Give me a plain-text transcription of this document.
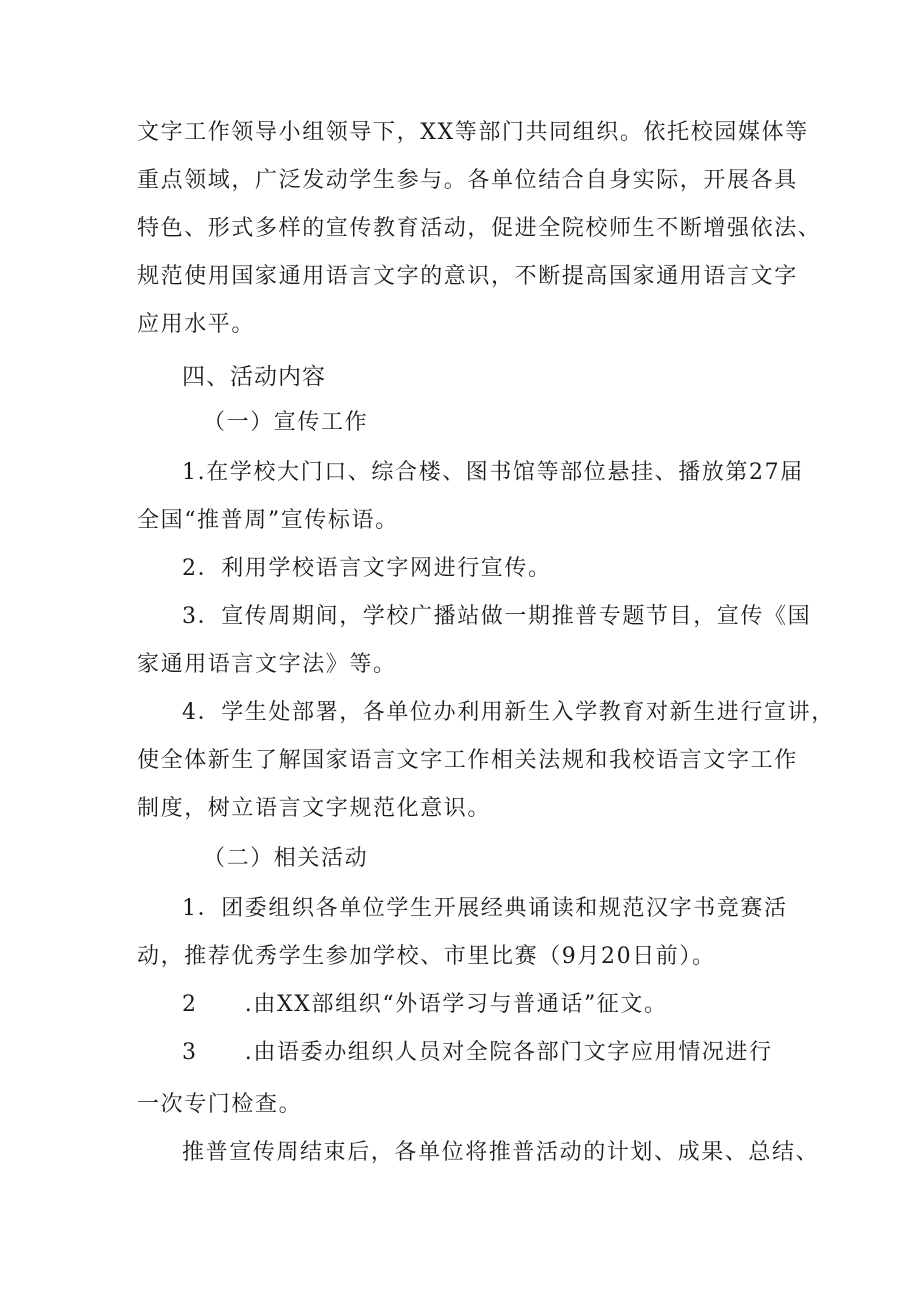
文字工作领导小组领导下，XX等部门共同组织。依托校园媒体等
重点领域，广泛发动学生参与。各单位结合自身实际，开展各具
特色、形式多样的宣传教育活动，促进全院校师生不断增强依法、
规范使用国家通用语言文字的意识，不断提高国家通用语言文字
应用水平。
四、活动内容
（一）宣传工作
1.在学校大门口、综合楼、图书馆等部位悬挂、播放第27届
全国“推普周”宣传标语。
2．利用学校语言文字网进行宣传。
3．宣传周期间，学校广播站做一期推普专题节目，宣传《国
家通用语言文字法》等。
4．学生处部署，各单位办利用新生入学教育对新生进行宣讲，
使全体新生了解国家语言文字工作相关法规和我校语言文字工作
制度，树立语言文字规范化意识。
（二）相关活动
1．团委组织各单位学生开展经典诵读和规范汉字书竞赛活
动，推荐优秀学生参加学校、市里比赛（9月20日前）。
2　　.由XX部组织“外语学习与普通话”征文。
3　　.由语委办组织人员对全院各部门文字应用情况进行
一次专门检查。
推普宣传周结束后，各单位将推普活动的计划、成果、总结、
